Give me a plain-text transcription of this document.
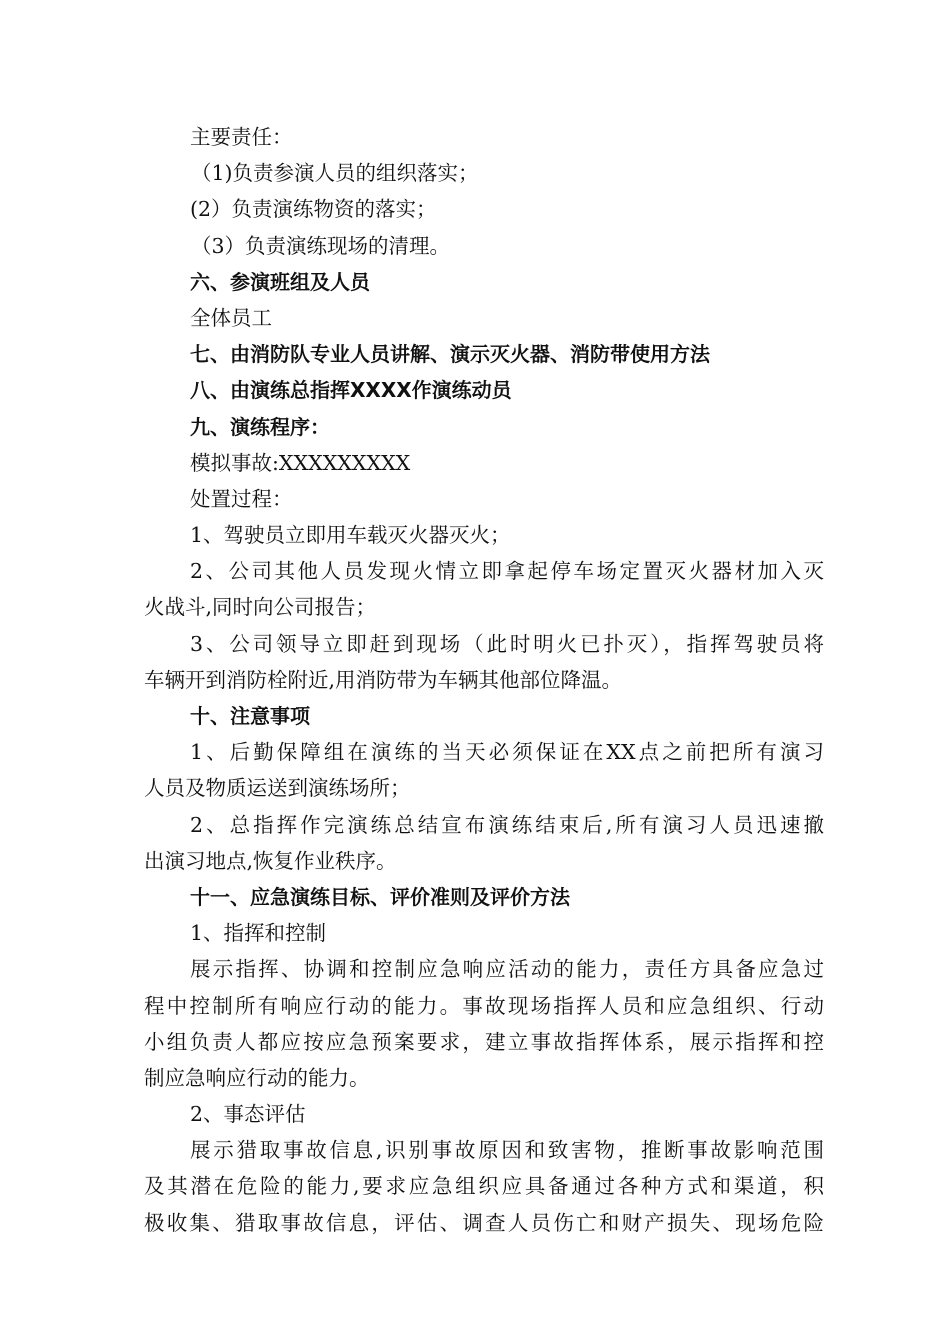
主要责任：
（1)负责参演人员的组织落实；
(2）负责演练物资的落实；
（3）负责演练现场的清理。
六、参演班组及人员
全体员工
七、由消防队专业人员讲解、演示灭火器、消防带使用方法
八、由演练总指挥XXXX作演练动员
九、演练程序：
模拟事故:XXXXXXXXX
处置过程：
1、驾驶员立即用车载灭火器灭火；
2、公司其他人员发现火情立即拿起停车场定置灭火器材加入灭
火战斗,同时向公司报告；
3、公司领导立即赶到现场（此时明火已扑灭），指挥驾驶员将
车辆开到消防栓附近,用消防带为车辆其他部位降温。
十、注意事项
1、后勤保障组在演练的当天必须保证在XX点之前把所有演习
人员及物质运送到演练场所；
2、总指挥作完演练总结宣布演练结束后,所有演习人员迅速撤
出演习地点,恢复作业秩序。
十一、应急演练目标、评价准则及评价方法
1、指挥和控制
展示指挥、协调和控制应急响应活动的能力，责任方具备应急过
程中控制所有响应行动的能力。事故现场指挥人员和应急组织、行动
小组负责人都应按应急预案要求，建立事故指挥体系，展示指挥和控
制应急响应行动的能力。
2、事态评估
展示猎取事故信息,识别事故原因和致害物，推断事故影响范围
及其潜在危险的能力,要求应急组织应具备通过各种方式和渠道，积
极收集、猎取事故信息，评估、调查人员伤亡和财产损失、现场危险
